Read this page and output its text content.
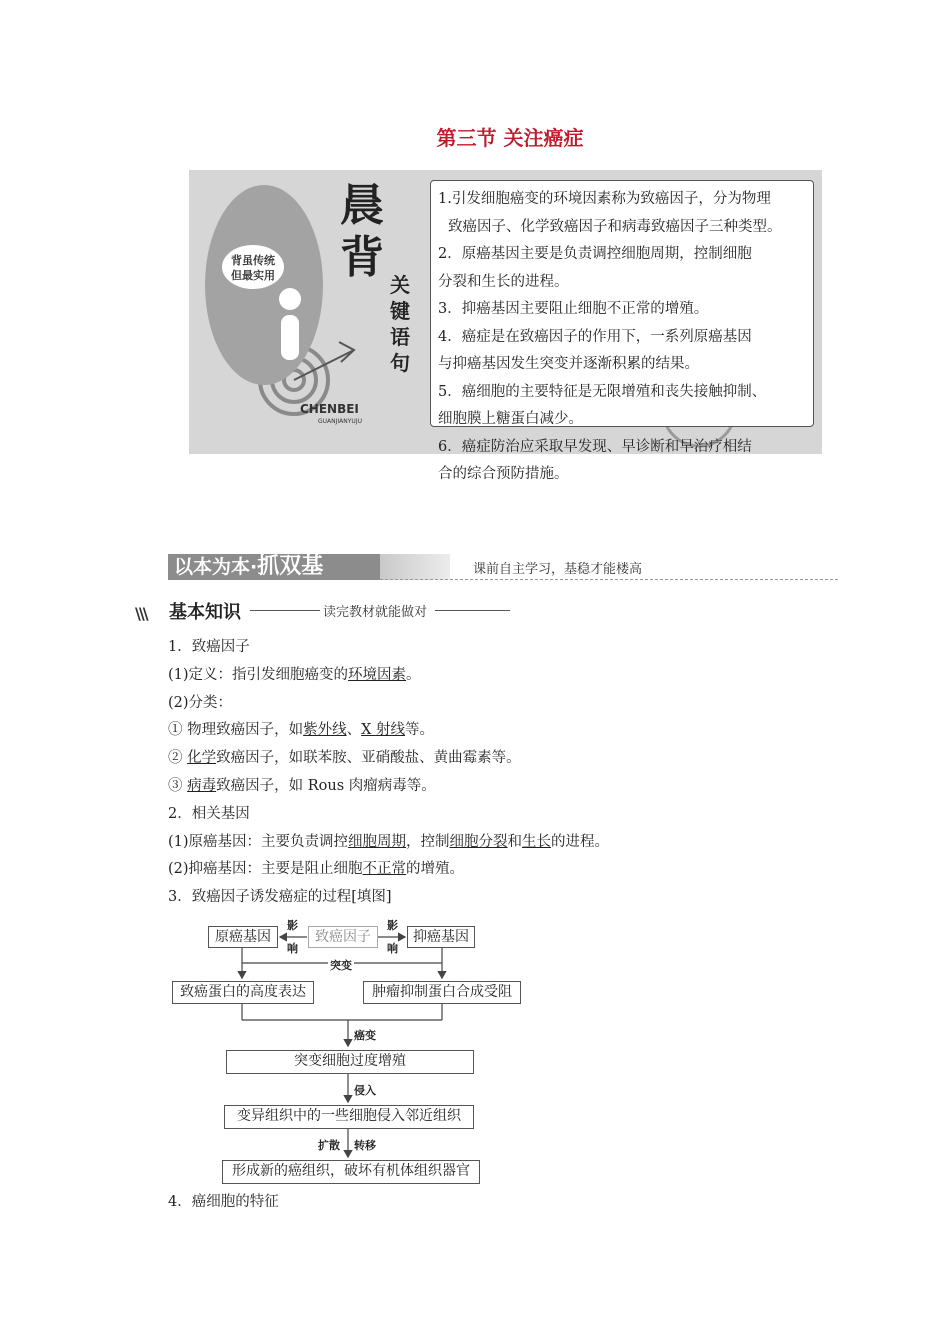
第三节 关注癌症
背虽传统
但最实用
晨
背
关
键
语
句
CHENBEI
GUANJIANYUJU

1.引发细胞癌变的环境因素称为致癌因子，分为物理

致癌因子、化学致癌因子和病毒致癌因子三种类型。

2．原癌基因主要是负责调控细胞周期，控制细胞

分裂和生长的进程。

3．抑癌基因主要阻止细胞不正常的增殖。

4．癌症是在致癌因子的作用下，一系列原癌基因

与抑癌基因发生突变并逐渐积累的结果。

5．癌细胞的主要特征是无限增殖和丧失接触抑制、

细胞膜上糖蛋白减少。

6．癌症防治应采取早发现、早诊断和早治疗相结

合的综合预防措施。

以本为本·抓双基	课前自主学习，基稳才能楼高
\\\ 基本知识	读完教材就能做对

1．致癌因子

(1)定义：指引发细胞癌变的环境因素。

(2)分类：

① 物理致癌因子，如紫外线、X 射线等。

② 化学致癌因子，如联苯胺、亚硝酸盐、黄曲霉素等。

③ 病毒致癌因子，如 Rous 肉瘤病毒等。

2．相关基因

(1)原癌基因：主要负责调控细胞周期，控制细胞分裂和生长的进程。

(2)抑癌基因：主要是阻止细胞不正常的增殖。

3．致癌因子诱发癌症的过程[填图]

原癌基因	致癌因子	抑癌基因
影
响
影
响
突变
致癌蛋白的高度表达	肿瘤抑制蛋白合成受阻
癌变
突变细胞过度增殖
侵入
变异组织中的一些细胞侵入邻近组织
扩散 转移
形成新的癌组织，破坏有机体组织器官
4．癌细胞的特征
